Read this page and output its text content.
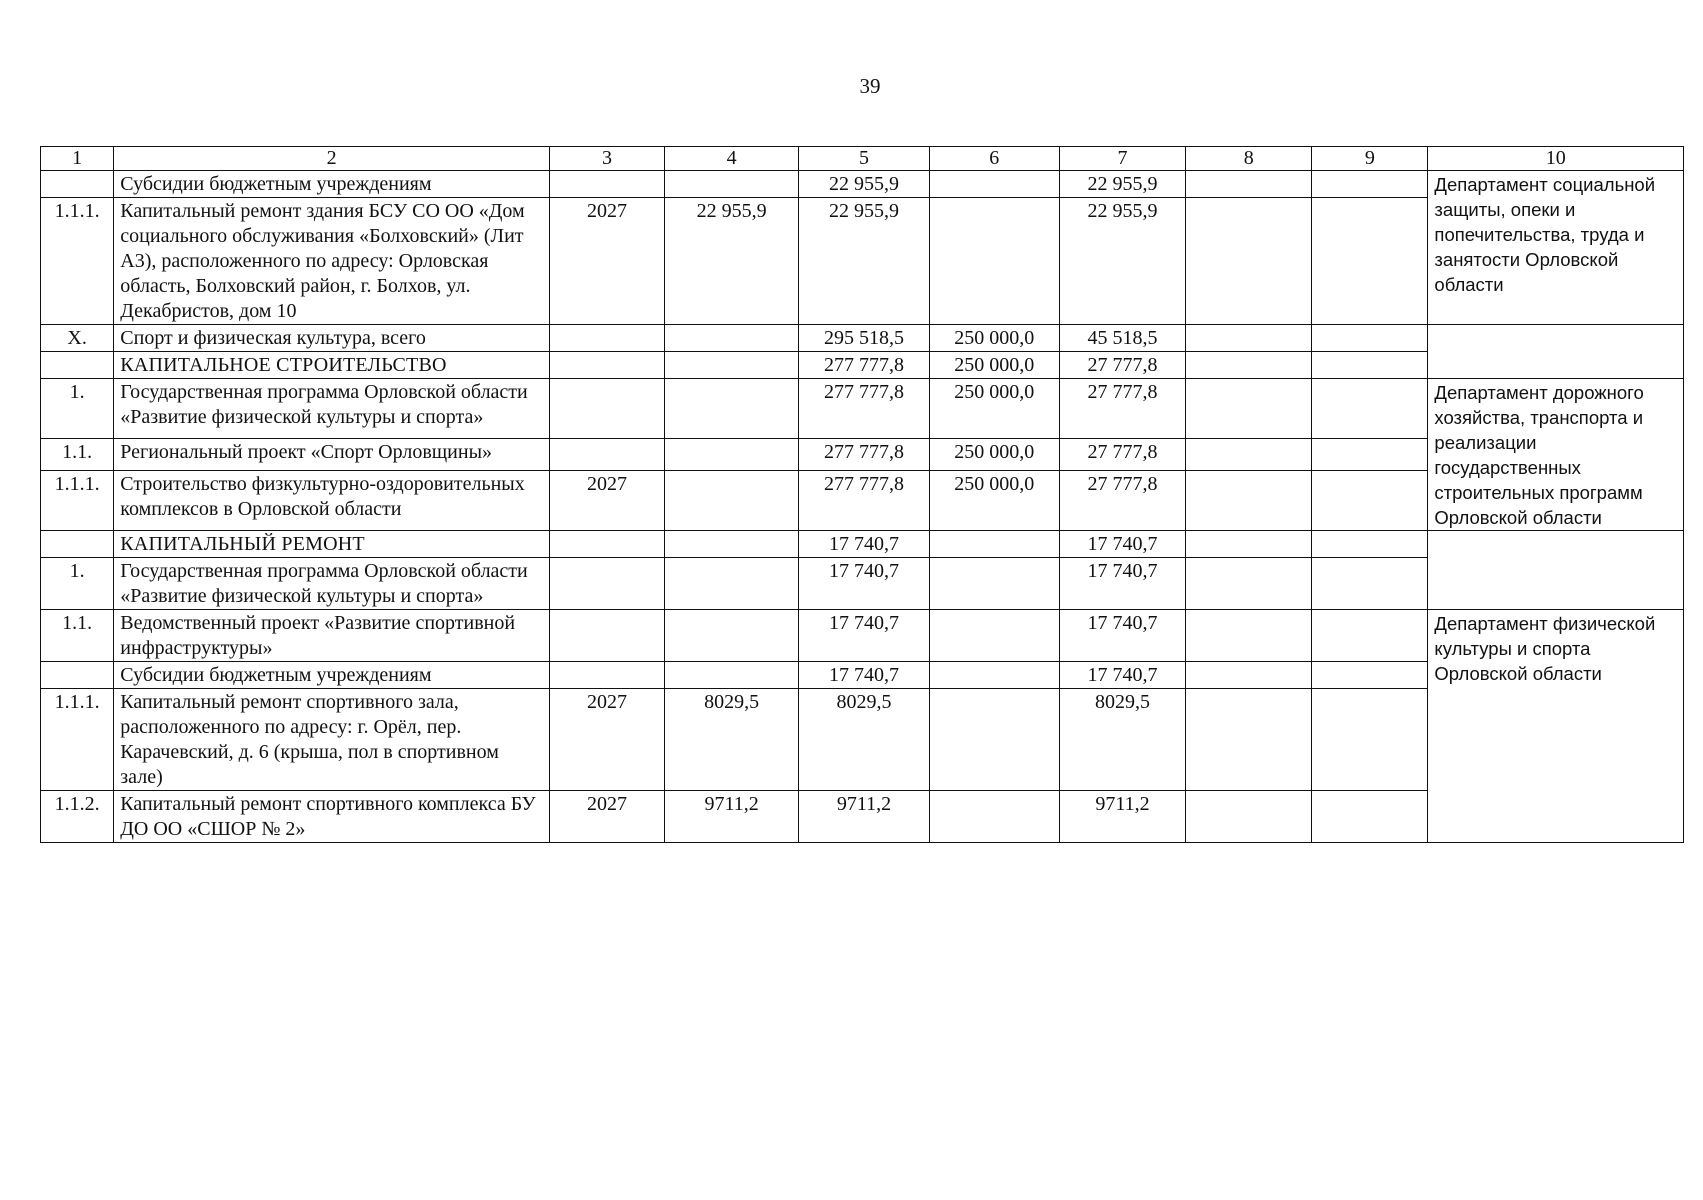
39
1	2	3	4	5	6	7	8	9	10
	Субсидии бюджетным учреждениям			22 955,9		22 955,9			Департамент социальной защиты, опеки и попечительства, труда и занятости Орловской области
1.1.1.	Капитальный ремонт здания БСУ СО ОО «Дом социального обслуживания «Болховский» (Лит А3), расположенного по адресу: Орловская область, Болховский район, г. Болхов, ул. Декабристов, дом 10	2027	22 955,9	22 955,9		22 955,9			
X.	Спорт и физическая культура, всего			295 518,5	250 000,0	45 518,5			
	КАПИТАЛЬНОЕ СТРОИТЕЛЬСТВО			277 777,8	250 000,0	27 777,8			
1.	Государственная программа Орловской области «Развитие физической культуры и спорта»			277 777,8	250 000,0	27 777,8			Департамент дорожного хозяйства, транспорта и реализации государственных строительных программ Орловской области
1.1.	Региональный проект «Спорт Орловщины»			277 777,8	250 000,0	27 777,8			
1.1.1.	Строительство физкультурно-оздоровительных комплексов в Орловской области	2027		277 777,8	250 000,0	27 777,8			
	КАПИТАЛЬНЫЙ РЕМОНТ			17 740,7		17 740,7			
1.	Государственная программа Орловской области «Развитие физической культуры и спорта»			17 740,7		17 740,7			
1.1.	Ведомственный проект «Развитие спортивной инфраструктуры»			17 740,7		17 740,7			Департамент физической культуры и спорта Орловской области
	Субсидии бюджетным учреждениям			17 740,7		17 740,7			
1.1.1.	Капитальный ремонт спортивного зала, расположенного по адресу: г. Орёл, пер. Карачевский, д. 6 (крыша, пол в спортивном зале)	2027	8029,5	8029,5		8029,5			
1.1.2.	Капитальный ремонт спортивного комплекса БУ ДО ОО «СШОР № 2»	2027	9711,2	9711,2		9711,2			
